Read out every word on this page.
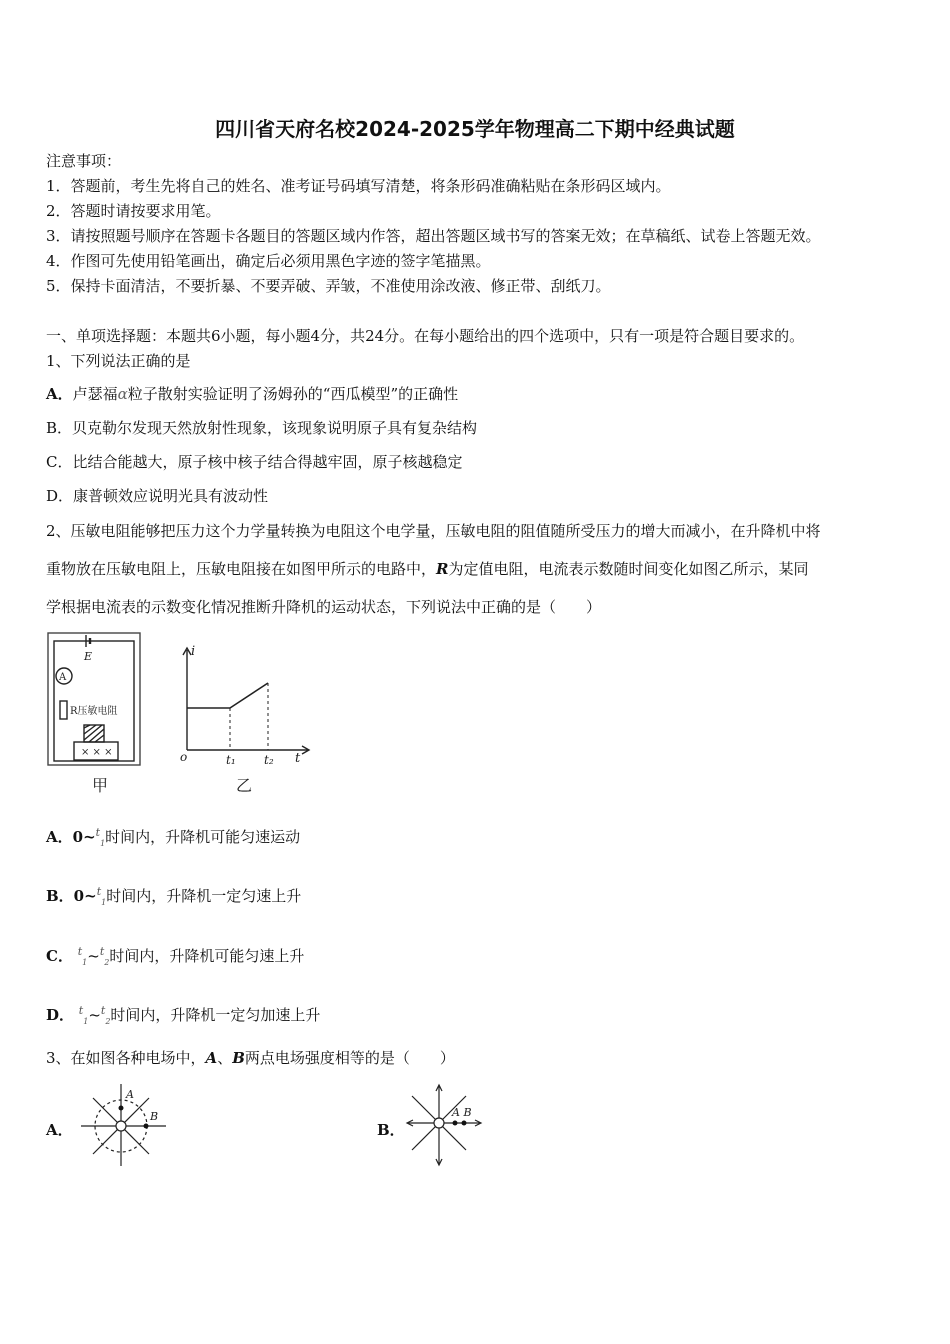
四川省天府名校2024-2025学年物理高二下期中经典试题
注意事项：
1．答题前，考生先将自己的姓名、准考证号码填写清楚，将条形码准确粘贴在条形码区域内。
2．答题时请按要求用笔。
3．请按照题号顺序在答题卡各题目的答题区域内作答，超出答题区域书写的答案无效；在草稿纸、试卷上答题无效。
4．作图可先使用铅笔画出，确定后必须用黑色字迹的签字笔描黑。
5．保持卡面清洁，不要折暴、不要弄破、弄皱，不准使用涂改液、修正带、刮纸刀。
一、单项选择题：本题共6小题，每小题4分，共24分。在每小题给出的四个选项中，只有一项是符合题目要求的。
1、下列说法正确的是
A．卢瑟福α粒子散射实验证明了汤姆孙的“西瓜模型”的正确性
B．贝克勒尔发现天然放射性现象，该现象说明原子具有复杂结构
C．比结合能越大，原子核中核子结合得越牢固，原子核越稳定
D．康普顿效应说明光具有波动性
2、压敏电阻能够把压力这个力学量转换为电阻这个电学量，压敏电阻的阻值随所受压力的增大而减小，在升降机中将
重物放在压敏电阻上，压敏电阻接在如图甲所示的电路中，R为定值电阻，电流表示数随时间变化如图乙所示，某同
学根据电流表的示数变化情况推断升降机的运动状态，下列说法中正确的是（　　）
E
A
R压敏电阻
× × ×
甲
i
o	t₁ t₂ t
乙
A．0~$^t_1$时间内，升降机可能匀速运动
B．0~$^t_1$时间内，升降机一定匀速上升
C． $^t_1$~$^t_2$时间内，升降机可能匀速上升
D． $^t_1$~$^t_2$时间内，升降机一定匀加速上升
3、在如图各种电场中，A、B两点电场强度相等的是（　　）
A．
A
B
B．
A B
